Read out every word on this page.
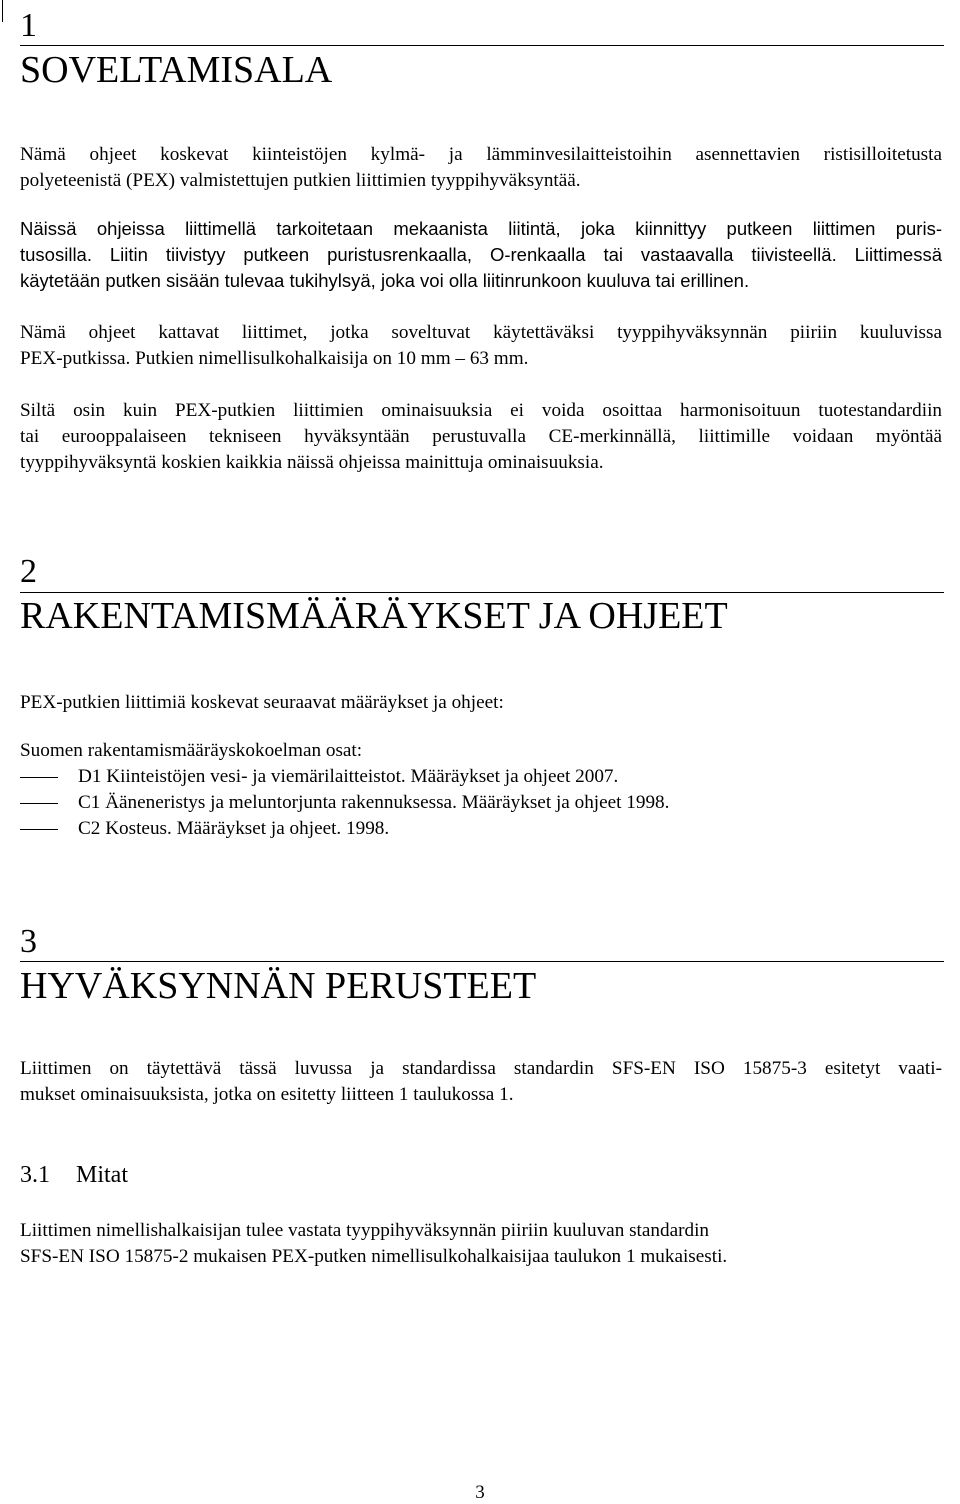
1
SOVELTAMISALA

Nämä ohjeet koskevat kiinteistöjen kylmä- ja lämminvesilaitteistoihin asennettavien ristisilloitetusta

polyeteenistä (PEX) valmistettujen putkien liittimien tyyppihyväksyntää.

Näissä ohjeissa liittimellä tarkoitetaan mekaanista liitintä, joka kiinnittyy putkeen liittimen puris-

tusosilla. Liitin tiivistyy putkeen puristusrenkaalla, O-renkaalla tai vastaavalla tiivisteellä. Liittimessä

käytetään putken sisään tulevaa tukihylsyä, joka voi olla liitinrunkoon kuuluva tai erillinen.

Nämä ohjeet kattavat liittimet, jotka soveltuvat käytettäväksi tyyppihyväksynnän piiriin kuuluvissa

PEX-putkissa. Putkien nimellisulkohalkaisija on 10 mm – 63 mm.

Siltä osin kuin PEX-putkien liittimien ominaisuuksia ei voida osoittaa harmonisoituun tuotestandardiin

tai eurooppalaiseen tekniseen hyväksyntään perustuvalla CE-merkinnällä, liittimille voidaan myöntää

tyyppihyväksyntä koskien kaikkia näissä ohjeissa mainittuja ominaisuuksia.

2
RAKENTAMISMÄÄRÄYKSET JA OHJEET

PEX-putkien liittimiä koskevat seuraavat määräykset ja ohjeet:

Suomen rakentamismääräyskokoelman osat:

D1 Kiinteistöjen vesi- ja viemärilaitteistot. Määräykset ja ohjeet 2007.
C1 Ääneneristys ja meluntorjunta rakennuksessa. Määräykset ja ohjeet 1998.
C2 Kosteus. Määräykset ja ohjeet. 1998.
3
HYVÄKSYNNÄN PERUSTEET

Liittimen on täytettävä tässä luvussa ja standardissa standardin SFS-EN ISO 15875-3 esitetyt vaati-

mukset ominaisuuksista, jotka on esitetty liitteen 1 taulukossa 1.

3.1 Mitat

Liittimen nimellishalkaisijan tulee vastata tyyppihyväksynnän piiriin kuuluvan standardin

SFS-EN ISO 15875-2 mukaisen PEX-putken nimellisulkohalkaisijaa taulukon 1 mukaisesti.

3
